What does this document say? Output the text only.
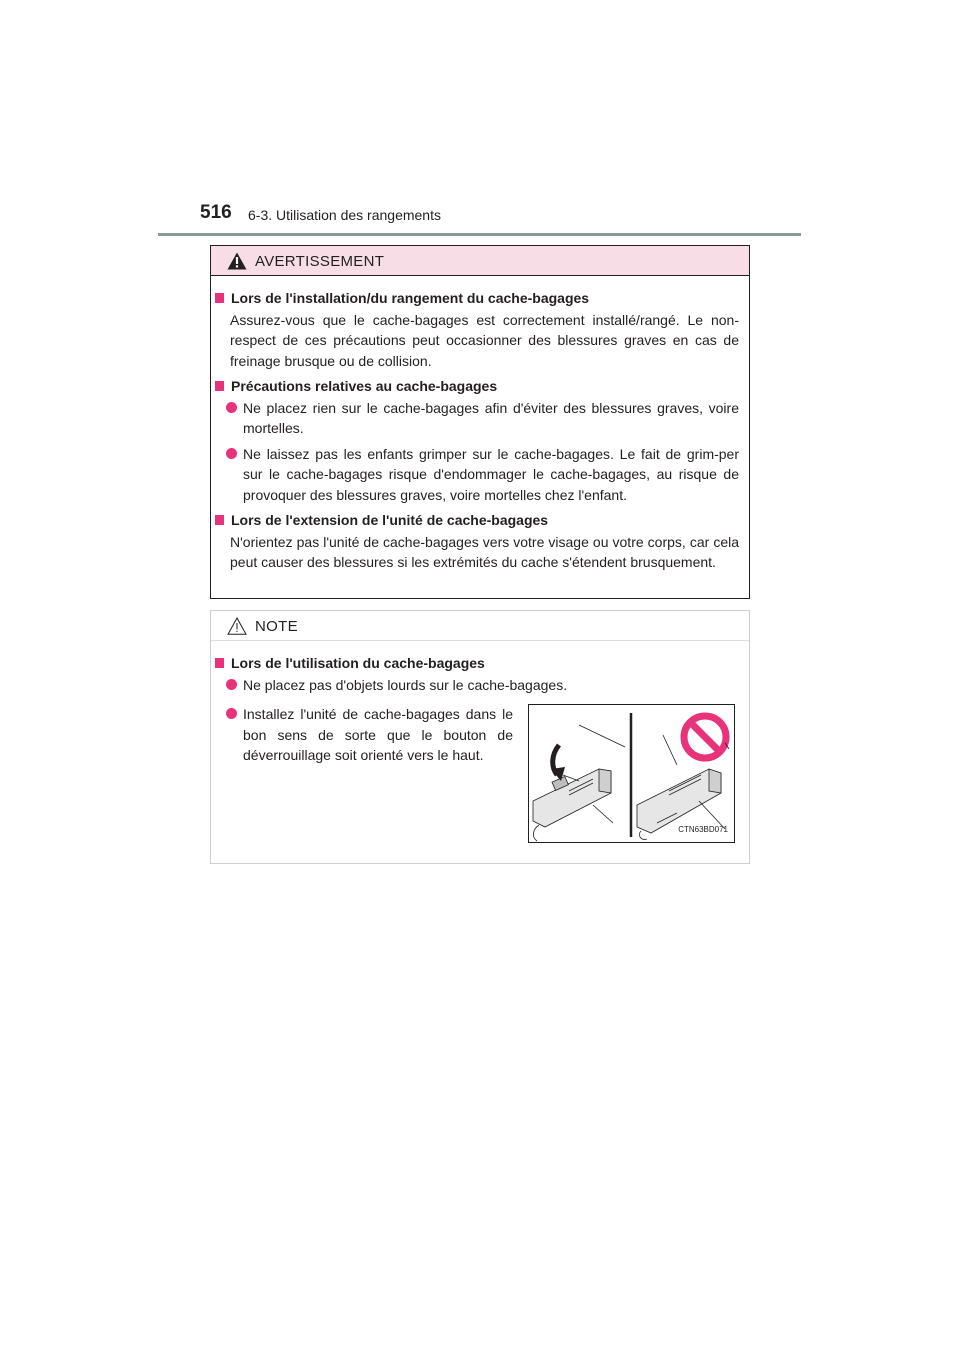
516 6-3. Utilisation des rangements
AVERTISSEMENT
Lors de l'installation/du rangement du cache-bagages
Assurez-vous que le cache-bagages est correctement installé/rangé. Le non-respect de ces précautions peut occasionner des blessures graves en cas de freinage brusque ou de collision.
Précautions relatives au cache-bagages
Ne placez rien sur le cache-bagages afin d'éviter des blessures graves, voire mortelles.
Ne laissez pas les enfants grimper sur le cache-bagages. Le fait de grim-per sur le cache-bagages risque d'endommager le cache-bagages, au risque de provoquer des blessures graves, voire mortelles chez l'enfant.
Lors de l'extension de l'unité de cache-bagages
N'orientez pas l'unité de cache-bagages vers votre visage ou votre corps, car cela peut causer des blessures si les extrémités du cache s'étendent brusquement.
NOTE
Lors de l'utilisation du cache-bagages
Ne placez pas d'objets lourds sur le cache-bagages.
Installez l'unité de cache-bagages dans le bon sens de sorte que le bouton de déverrouillage soit orienté vers le haut.
CTN63BD071
